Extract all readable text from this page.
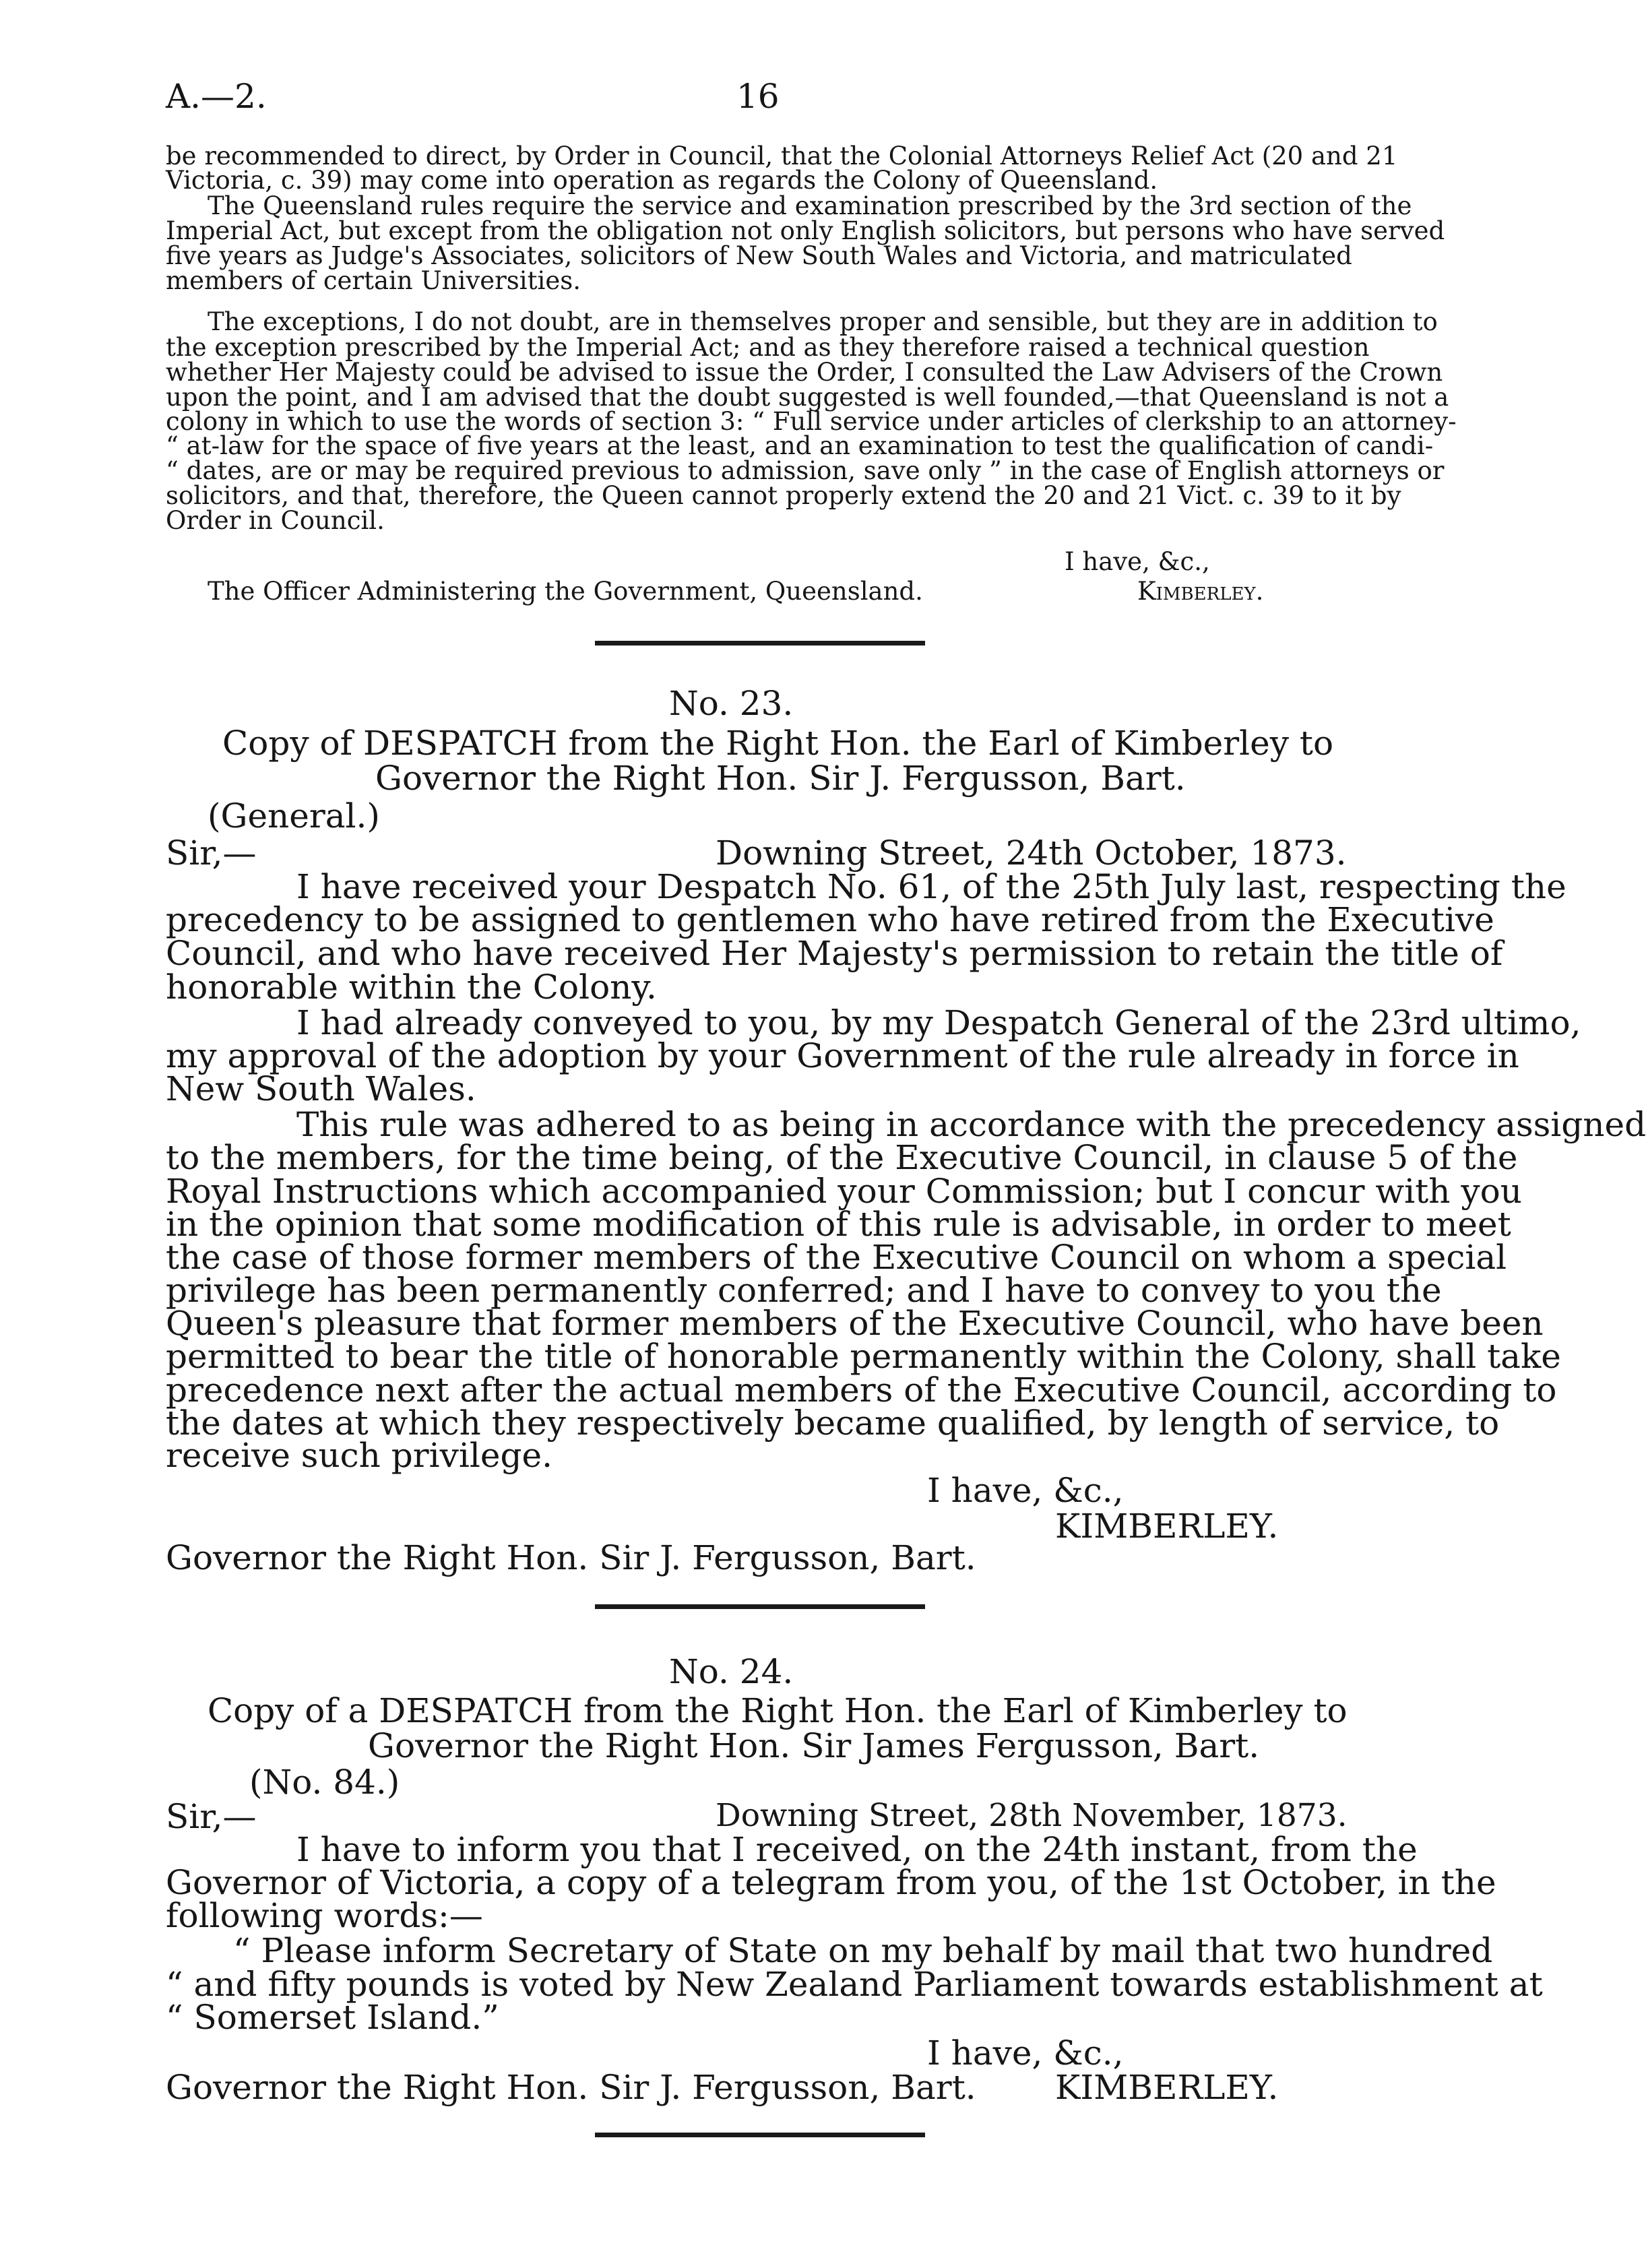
A.—2.	16
be recommended to direct, by Order in Council, that the Colonial Attorneys Relief Act (20 and 21
Victoria, c. 39) may come into operation as regards the Colony of Queensland.
The Queensland rules require the service and examination prescribed by the 3rd section of the
Imperial Act, but except from the obligation not only English solicitors, but persons who have served
five years as Judge's Associates, solicitors of New South Wales and Victoria, and matriculated
members of certain Universities.
The exceptions, I do not doubt, are in themselves proper and sensible, but they are in addition to
the exception prescribed by the Imperial Act; and as they therefore raised a technical question
whether Her Majesty could be advised to issue the Order, I consulted the Law Advisers of the Crown
upon the point, and I am advised that the doubt suggested is well founded,—that Queensland is not a
colony in which to use the words of section 3: “ Full service under articles of clerkship to an attorney-
“ at-law for the space of five years at the least, and an examination to test the qualification of candi-
“ dates, are or may be required previous to admission, save only ” in the case of English attorneys or
solicitors, and that, therefore, the Queen cannot properly extend the 20 and 21 Vict. c. 39 to it by
Order in Council.
I have, &c.,
The Officer Administering the Government, Queensland.	Kimberley.
No. 23.
Copy of DESPATCH from the Right Hon. the Earl of Kimberley to
Governor the Right Hon. Sir J. Fergusson, Bart.
(General.)
Sir,—	Downing Street, 24th October, 1873.
I have received your Despatch No. 61, of the 25th July last, respecting the
precedency to be assigned to gentlemen who have retired from the Executive
Council, and who have received Her Majesty's permission to retain the title of
honorable within the Colony.
I had already conveyed to you, by my Despatch General of the 23rd ultimo,
my approval of the adoption by your Government of the rule already in force in
New South Wales.
This rule was adhered to as being in accordance with the precedency assigned
to the members, for the time being, of the Executive Council, in clause 5 of the
Royal Instructions which accompanied your Commission; but I concur with you
in the opinion that some modification of this rule is advisable, in order to meet
the case of those former members of the Executive Council on whom a special
privilege has been permanently conferred; and I have to convey to you the
Queen's pleasure that former members of the Executive Council, who have been
permitted to bear the title of honorable permanently within the Colony, shall take
precedence next after the actual members of the Executive Council, according to
the dates at which they respectively became qualified, by length of service, to
receive such privilege.
I have, &c.,
KIMBERLEY.
Governor the Right Hon. Sir J. Fergusson, Bart.
No. 24.
Copy of a DESPATCH from the Right Hon. the Earl of Kimberley to
Governor the Right Hon. Sir James Fergusson, Bart.
(No. 84.)
Sir,—	Downing Street, 28th November, 1873.
I have to inform you that I received, on the 24th instant, from the
Governor of Victoria, a copy of a telegram from you, of the 1st October, in the
following words:—
“ Please inform Secretary of State on my behalf by mail that two hundred
“ and fifty pounds is voted by New Zealand Parliament towards establishment at
“ Somerset Island.”
I have, &c.,
Governor the Right Hon. Sir J. Fergusson, Bart. KIMBERLEY.
